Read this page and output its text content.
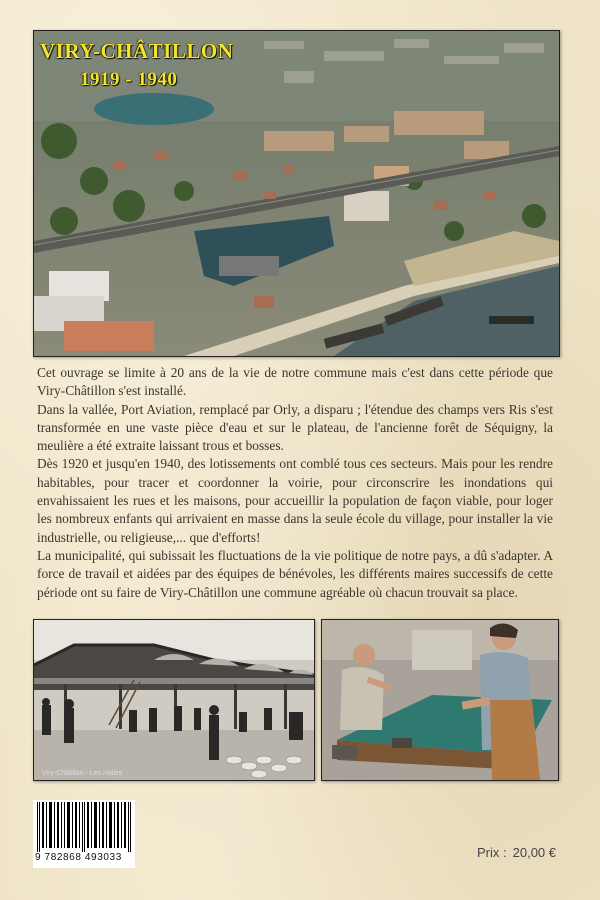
VIRY-CHÂTILLON
1919 - 1940

Cet ouvrage se limite à 20 ans de la vie de notre commune mais c'est dans cette période que Viry-Châtillon s'est installé.

Dans la vallée, Port Aviation, remplacé par Orly, a disparu ; l'étendue des champs vers Ris s'est transformée en une vaste pièce d'eau et sur le plateau, de l'ancienne forêt de Séquigny, la meulière a été extraite laissant trous et bosses.

Dès 1920 et jusqu'en 1940, des lotissements ont comblé tous ces secteurs. Mais pour les rendre habitables, pour tracer et coordonner la voirie, pour circonscrire les inondations qui envahissaient les rues et les maisons, pour accueillir la population de façon viable, pour loger les nombreux enfants qui arrivaient en masse dans la seule école du village, pour installer la vie industrielle, ou religieuse,... que d'efforts!

La municipalité, qui subissait les fluctuations de la vie politique de notre pays, a dû s'adapter. A force de travail et aidées par des équipes de bénévoles, les différents maires successifs de cette période ont su faire de Viry-Châtillon une commune agréable où chacun trouvait sa place.

Viry-Châtillon - Les Halles
9 782868 493033	Prix : 20,00 €
